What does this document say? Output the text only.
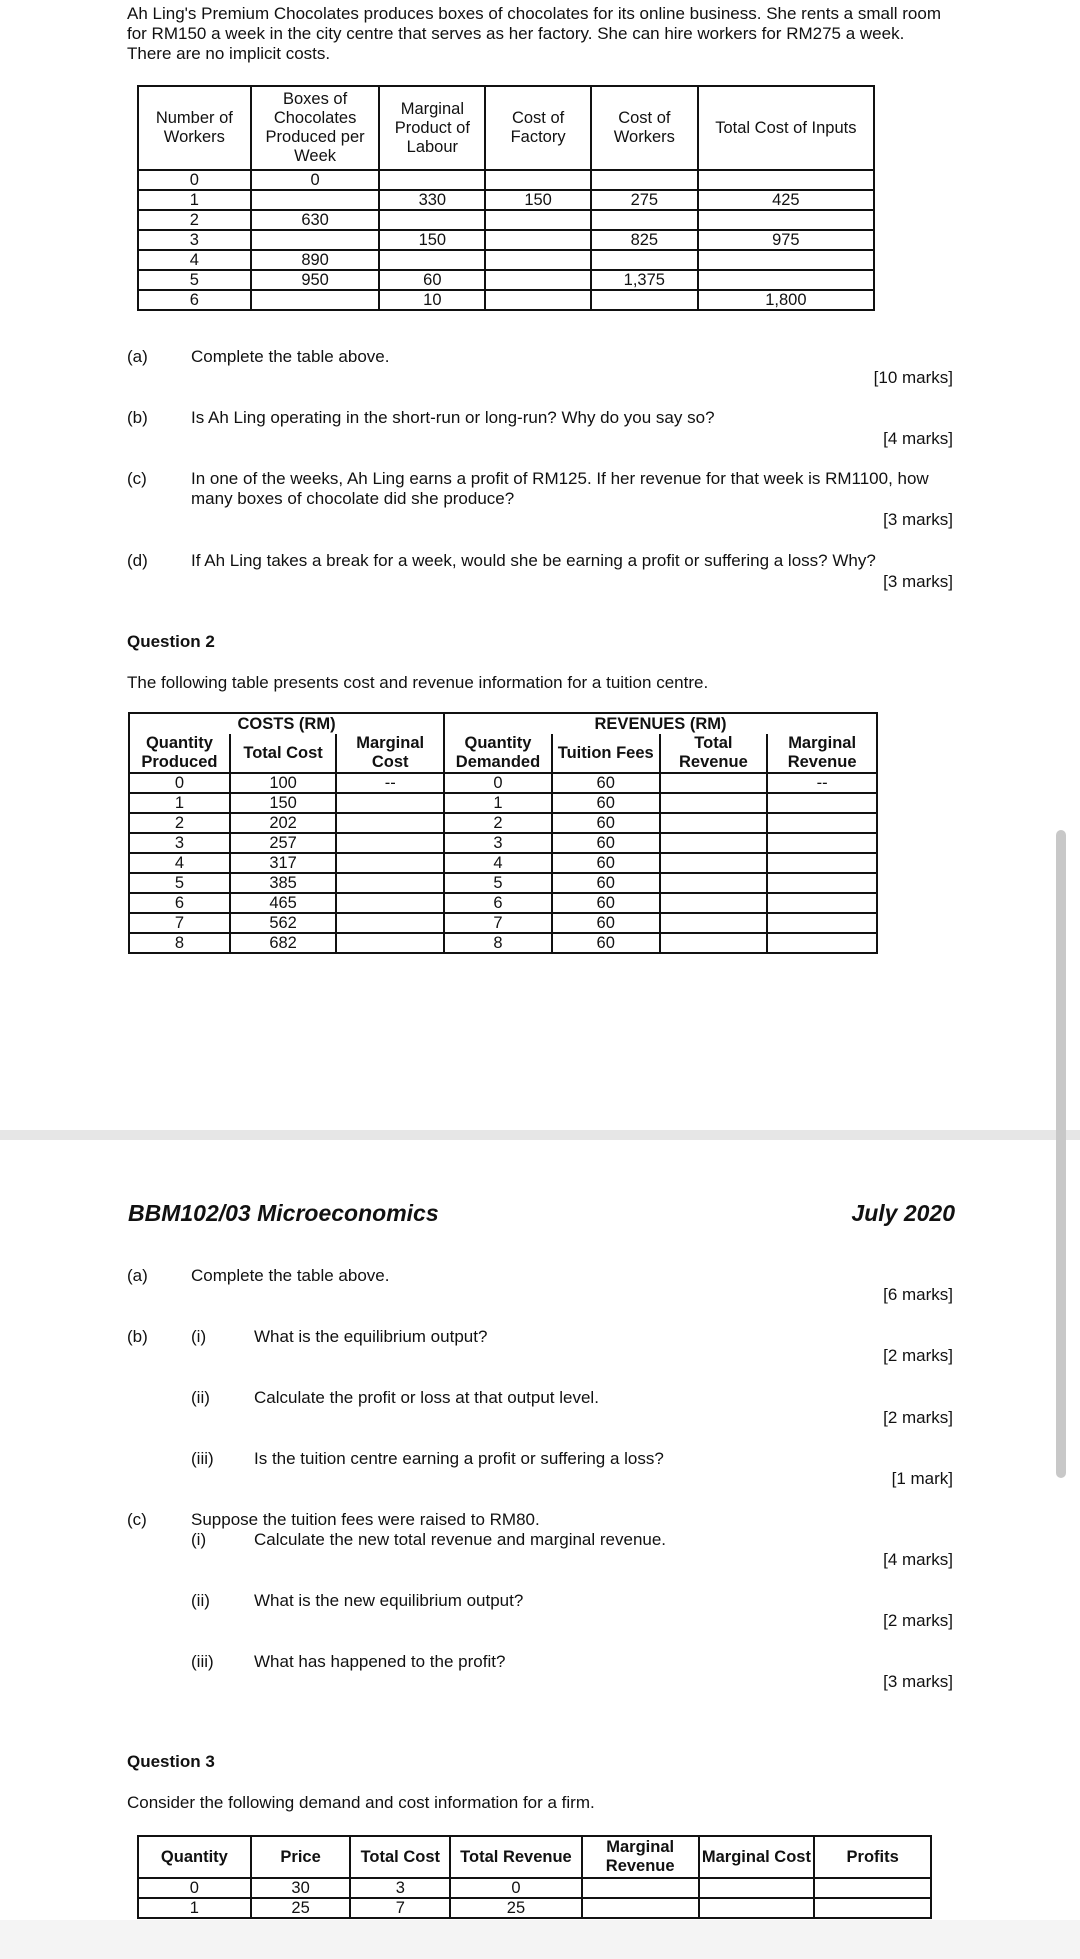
Ah Ling's Premium Chocolates produces boxes of chocolates for its online business. She rents a small room for RM150 a week in the city centre that serves as her factory. She can hire workers for RM275 a week. There are no implicit costs.
Number of Workers	Boxes of Chocolates Produced per Week	Marginal Product of Labour	Cost of Factory	Cost of Workers	Total Cost of Inputs
0	0				
1		330	150	275	425
2	630				
3		150		825	975
4	890				
5	950	60		1,375	
6		10			1,800
(a)	Complete the table above.
[10 marks]
(b)	Is Ah Ling operating in the short-run or long-run? Why do you say so?
[4 marks]
(c)	In one of the weeks, Ah Ling earns a profit of RM125. If her revenue for that week is RM1100, how many boxes of chocolate did she produce?
[3 marks]
(d)	If Ah Ling takes a break for a week, would she be earning a profit or suffering a loss? Why?
[3 marks]
Question 2
The following table presents cost and revenue information for a tuition centre.
COSTS (RM)			REVENUES (RM)			
Quantity Produced	Total Cost	Marginal Cost	Quantity Demanded	Tuition Fees	Total Revenue	Marginal Revenue
0	100	--	0	60		--
1	150		1	60		
2	202		2	60		
3	257		3	60		
4	317		4	60		
5	385		5	60		
6	465		6	60		
7	562		7	60		
8	682		8	60		
BBM102/03 Microeconomics	July 2020
(a)	Complete the table above.
[6 marks]
(b)	(i)	What is the equilibrium output?
[2 marks]
(ii)	Calculate the profit or loss at that output level.
[2 marks]
(iii) Is the tuition centre earning a profit or suffering a loss?
[1 mark]
(c)	Suppose the tuition fees were raised to RM80.
(i)	Calculate the new total revenue and marginal revenue.
[4 marks]
(ii)	What is the new equilibrium output?
[2 marks]
(iii) What has happened to the profit?
[3 marks]
Question 3
Consider the following demand and cost information for a firm.
Quantity	Price	Total Cost	Total Revenue	Marginal Revenue	Marginal Cost	Profits
0	30	3	0			
1	25	7	25			
